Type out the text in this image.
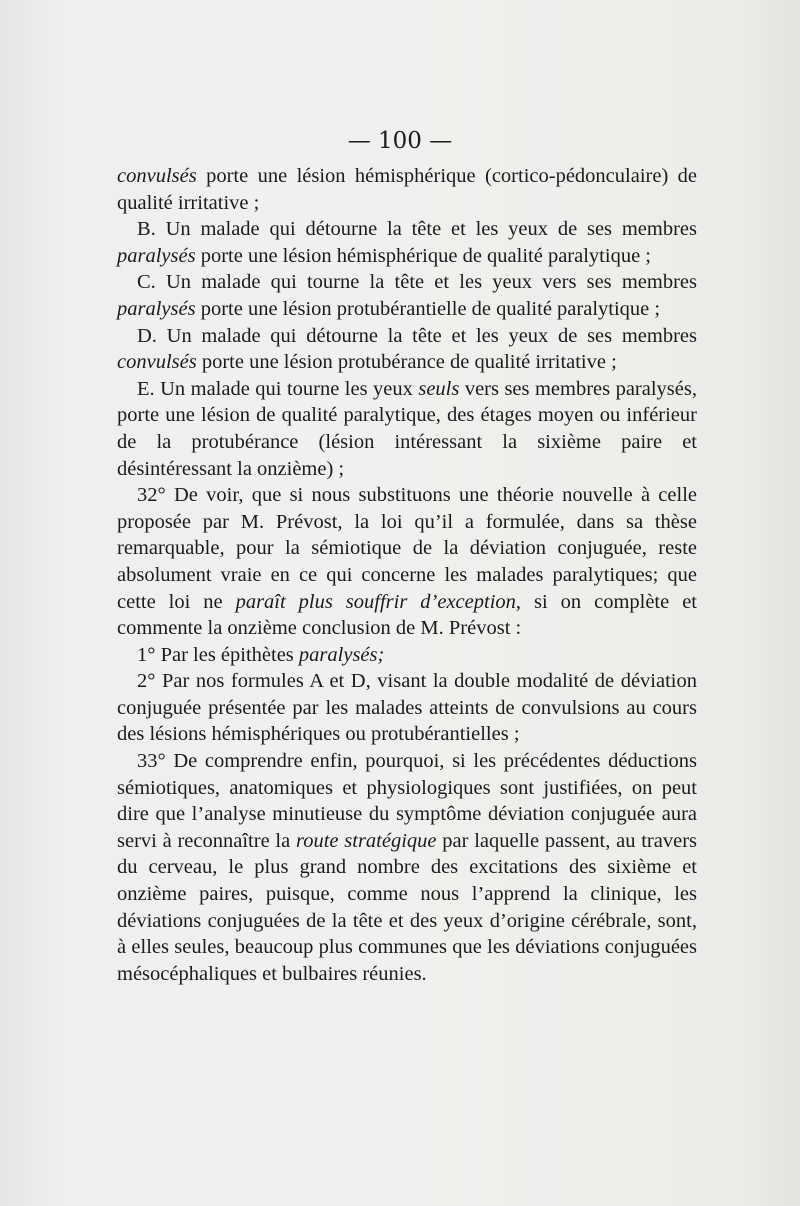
— 100 —

convulsés porte une lésion hémisphérique (cortico-pédonculaire) de qualité irritative ;

B. Un malade qui détourne la tête et les yeux de ses membres paralysés porte une lésion hémisphérique de qualité paralytique ;

C. Un malade qui tourne la tête et les yeux vers ses membres paralysés porte une lésion protubérantielle de qualité paralytique ;

D. Un malade qui détourne la tête et les yeux de ses membres convulsés porte une lésion protubérance de qualité irritative ;

E. Un malade qui tourne les yeux seuls vers ses membres paralysés, porte une lésion de qualité paralytique, des étages moyen ou inférieur de la protubérance (lésion intéressant la sixième paire et désintéressant la onzième) ;

32° De voir, que si nous substituons une théorie nouvelle à celle proposée par M. Prévost, la loi qu’il a formulée, dans sa thèse remarquable, pour la sémiotique de la déviation conjuguée, reste absolument vraie en ce qui concerne les malades paralytiques; que cette loi ne paraît plus souffrir d’exception, si on complète et commente la onzième conclusion de M. Prévost :

1° Par les épithètes paralysés;

2° Par nos formules A et D, visant la double modalité de déviation conjuguée présentée par les malades atteints de convulsions au cours des lésions hémisphériques ou protubérantielles ;

33° De comprendre enfin, pourquoi, si les précédentes déductions sémiotiques, anatomiques et physiologiques sont justifiées, on peut dire que l’analyse minutieuse du symptôme déviation conjuguée aura servi à reconnaître la route stratégique par laquelle passent, au travers du cerveau, le plus grand nombre des excitations des sixième et onzième paires, puisque, comme nous l’apprend la clinique, les déviations conjuguées de la tête et des yeux d’origine cérébrale, sont, à elles seules, beaucoup plus communes que les déviations conjuguées mésocéphaliques et bulbaires réunies.
